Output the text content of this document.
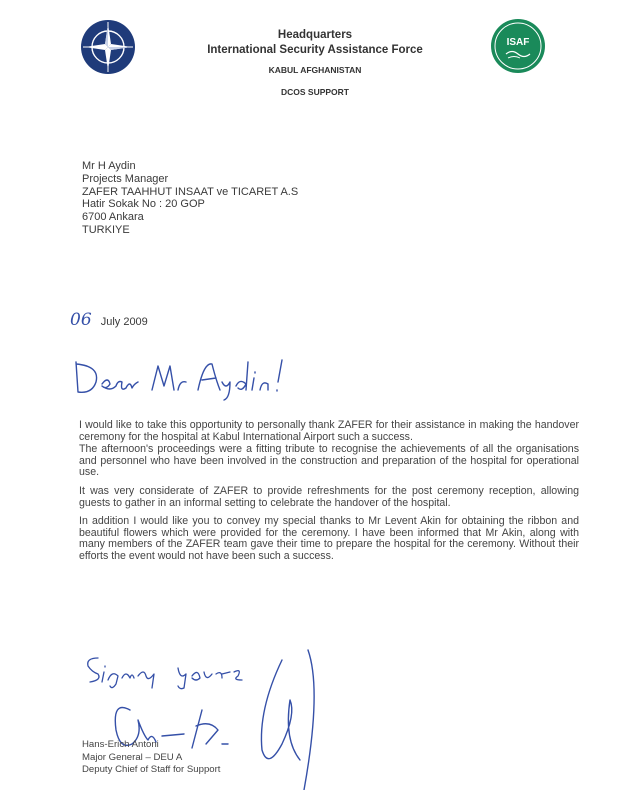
Headquarters
International Security Assistance Force
KABUL AFGHANISTAN
DCOS SUPPORT
ISAF
Mr H Aydin
Projects Manager
ZAFER TAAHHUT INSAAT ve TICARET A.S
Hatir Sokak No : 20 GOP
6700 Ankara
TURKIYE
06 July 2009

I would like to take this opportunity to personally thank ZAFER for their assistance in making the handover ceremony for the hospital at Kabul International Airport such a success.

The afternoon's proceedings were a fitting tribute to recognise the achievements of all the organisations and personnel who have been involved in the construction and preparation of the hospital for operational use.

It was very considerate of ZAFER to provide refreshments for the post ceremony reception, allowing guests to gather in an informal setting to celebrate the handover of the hospital.

In addition I would like you to convey my special thanks to Mr Levent Akin for obtaining the ribbon and beautiful flowers which were provided for the ceremony. I have been informed that Mr Akin, along with many members of the ZAFER team gave their time to prepare the hospital for the ceremony. Without their efforts the event would not have been such a success.

Hans-Erich Antoni
Major General – DEU A
Deputy Chief of Staff for Support
